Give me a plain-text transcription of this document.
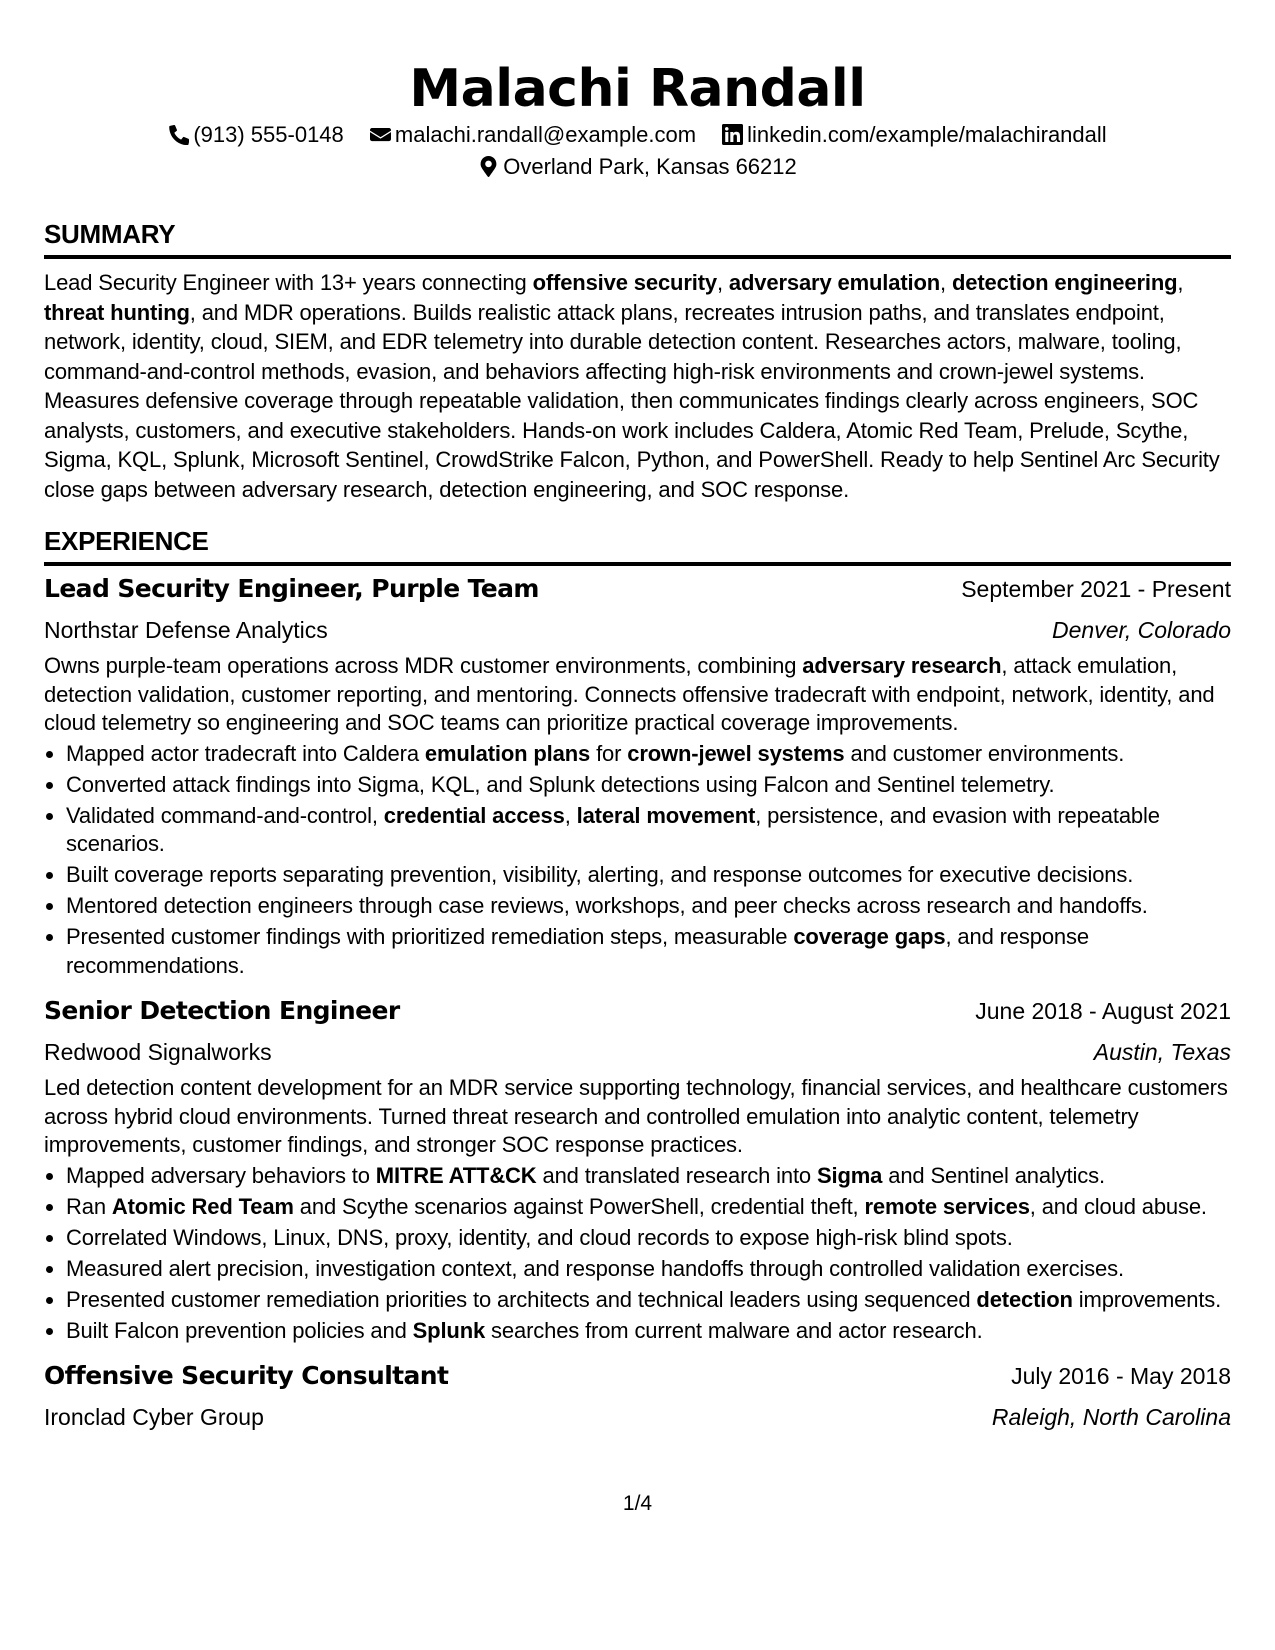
Malachi Randall
(913) 555-0148 malachi.randall@example.com linkedin.com/example/malachirandall
Overland Park, Kansas 66212
SUMMARY
Lead Security Engineer with 13+ years connecting offensive security, adversary emulation, detection engineering, threat hunting, and MDR operations. Builds realistic attack plans, recreates intrusion paths, and translates endpoint, network, identity, cloud, SIEM, and EDR telemetry into durable detection content. Researches actors, malware, tooling, command-and-control methods, evasion, and behaviors affecting high-risk environments and crown-jewel systems. Measures defensive coverage through repeatable validation, then communicates findings clearly across engineers, SOC analysts, customers, and executive stakeholders. Hands-on work includes Caldera, Atomic Red Team, Prelude, Scythe, Sigma, KQL, Splunk, Microsoft Sentinel, CrowdStrike Falcon, Python, and PowerShell. Ready to help Sentinel Arc Security close gaps between adversary research, detection engineering, and SOC response.
EXPERIENCE
Lead Security Engineer, Purple Team	September 2021 - Present
Northstar Defense Analytics	Denver, Colorado
Owns purple-team operations across MDR customer environments, combining adversary research, attack emulation, detection validation, customer reporting, and mentoring. Connects offensive tradecraft with endpoint, network, identity, and cloud telemetry so engineering and SOC teams can prioritize practical coverage improvements.
• Mapped actor tradecraft into Caldera emulation plans for crown-jewel systems and customer environments.
• Converted attack findings into Sigma, KQL, and Splunk detections using Falcon and Sentinel telemetry.
• Validated command-and-control, credential access, lateral movement, persistence, and evasion with repeatable scenarios.
• Built coverage reports separating prevention, visibility, alerting, and response outcomes for executive decisions.
• Mentored detection engineers through case reviews, workshops, and peer checks across research and handoffs.
• Presented customer findings with prioritized remediation steps, measurable coverage gaps, and response recommendations.
Senior Detection Engineer	June 2018 - August 2021
Redwood Signalworks	Austin, Texas
Led detection content development for an MDR service supporting technology, financial services, and healthcare customers across hybrid cloud environments. Turned threat research and controlled emulation into analytic content, telemetry improvements, customer findings, and stronger SOC response practices.
• Mapped adversary behaviors to MITRE ATT&CK and translated research into Sigma and Sentinel analytics.
• Ran Atomic Red Team and Scythe scenarios against PowerShell, credential theft, remote services, and cloud abuse.
• Correlated Windows, Linux, DNS, proxy, identity, and cloud records to expose high-risk blind spots.
• Measured alert precision, investigation context, and response handoffs through controlled validation exercises.
• Presented customer remediation priorities to architects and technical leaders using sequenced detection improvements.
• Built Falcon prevention policies and Splunk searches from current malware and actor research.
Offensive Security Consultant	July 2016 - May 2018
Ironclad Cyber Group	Raleigh, North Carolina
1/4
